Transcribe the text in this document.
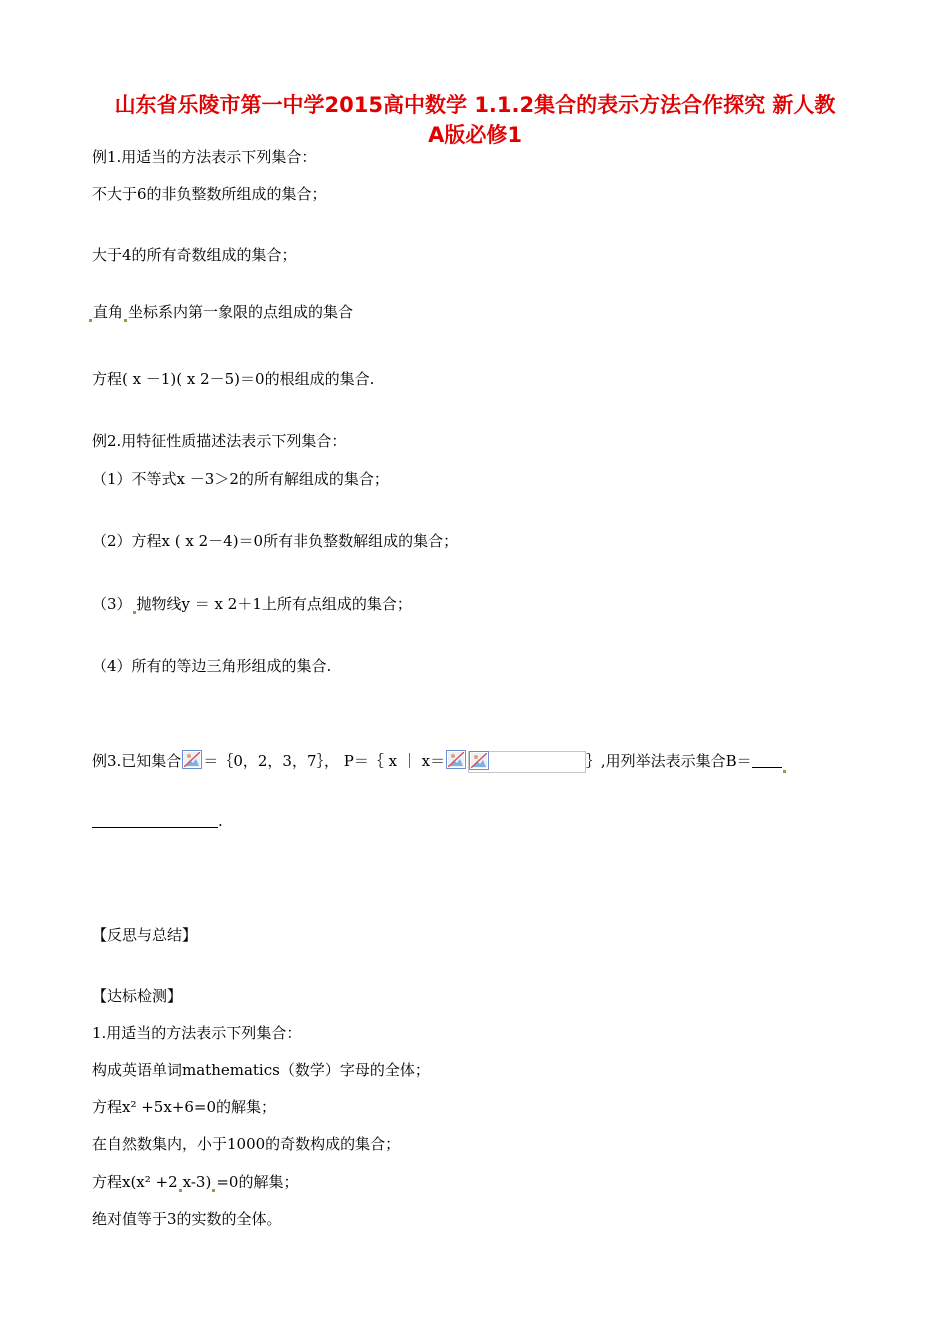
山东省乐陵市第一中学2015高中数学 1.1.2集合的表示方法合作探究 新人教
A版必修1
例1.用适当的方法表示下列集合：
不大于6的非负整数所组成的集合；
大于4的所有奇数组成的集合；
直角 坐标系内第一象限的点组成的集合
方程( x －1)( x 2－5)＝0的根组成的集合.
例2.用特征性质描述法表示下列集合：
（1）不等式x －3＞2的所有解组成的集合；
（2）方程x ( x 2－4)＝0所有非负整数解组成的集合；
（3） 抛物线y ＝ x 2＋1上所有点组成的集合；
（4）所有的等边三角形组成的集合.
例3.已知集合 ＝｛0，2，3，7｝， P＝｛ x ｜ x＝	｝,用列举法表示集合B＝
.
【反思与总结】
【达标检测】
1.用适当的方法表示下列集合：
构成英语单词mathematics（数学）字母的全体；
方程x² +5x+6=0的解集；
在自然数集内，小于1000的奇数构成的集合；
方程x(x² +2 x-3) =0的解集；
绝对值等于3的实数的全体。
